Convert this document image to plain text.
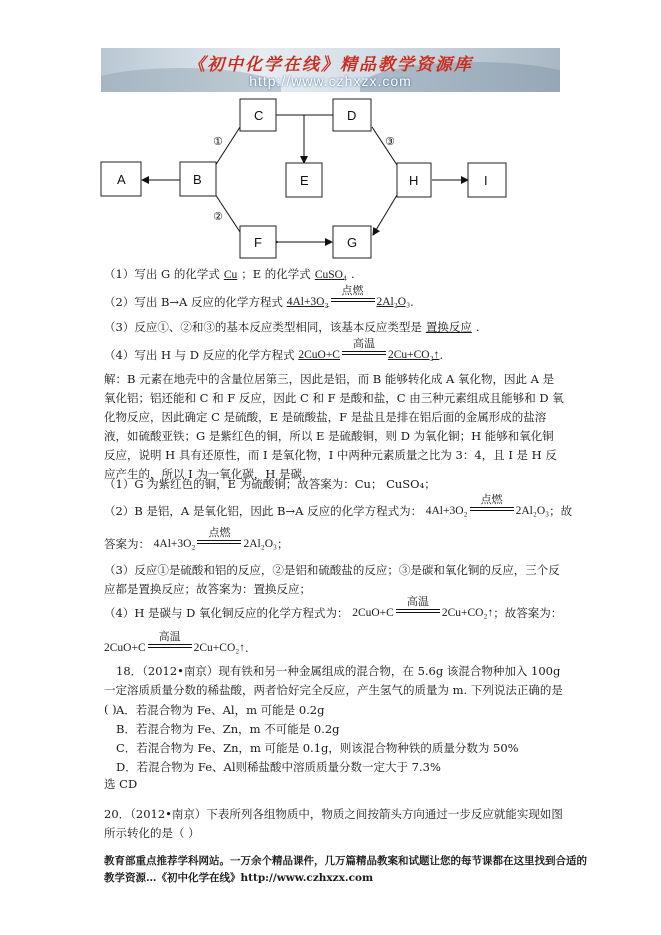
《初中化学在线》精品教学资源库
http://www.czhxzx.com
A	B
C	D
E	H	I
F	G
①
②
③
（1）写出 G 的化学式 Cu ；E 的化学式 CuSO₄ .
（2）写出 B→A 反应的化学方程式 4Al+3O₂
点燃
2Al₂O₃.
（3）反应①、②和③的基本反应类型相同，该基本反应类型是 置换反应 .
（4）写出 H 与 D 反应的化学方程式 2CuO+C
高温
2Cu+CO₂↑.
解：B 元素在地壳中的含量位居第三，因此是铝，而 B 能够转化成 A 氧化物，因此 A 是氧化铝；铝还能和 C 和 F 反应，因此 C 和 F 是酸和盐，C 由三种元素组成且能够和 D 氧化物反应，因此确定 C 是硫酸，E 是硫酸盐，F 是盐且是排在铝后面的金属形成的盐溶液，如硫酸亚铁；G 是紫红色的铜，所以 E 是硫酸铜，则 D 为氧化铜；H 能够和氧化铜反应，说明 H 具有还原性，而 I 是氧化物，I 中两种元素质量之比为 3：4，且 I 是 H 反应产生的，所以 I 为一氧化碳，H 是碳.
（1）G 为紫红色的铜，E 为硫酸铜；故答案为：Cu； CuSO₄；
（2）B 是铝，A 是氧化铝，因此 B→A 反应的化学方程式为： 4Al+3O₂
点燃
2Al₂O₃；故
答案为： 4Al+3O₂
点燃
2Al₂O₃；
（3）反应①是硫酸和铝的反应，②是铝和硫酸盐的反应；③是碳和氧化铜的反应，三个反应都是置换反应；故答案为：置换反应；
（4）H 是碳与 D 氧化铜反应的化学方程式为： 2CuO+C
高温
2Cu+CO₂↑；故答案为：
2CuO+C
高温
2Cu+CO₂↑.
18．（2012•南京）现有铁和另一种金属组成的混合物，在 5.6g 该混合物种加入 100g 一定溶质质量分数的稀盐酸，两者恰好完全反应，产生氢气的质量为 m. 下列说法正确的是( ) A．若混合物为 Fe、Al，m 可能是 0.2g
B．若混合物为 Fe、Zn，m 不可能是 0.2g
C．若混合物为 Fe、Zn，m 可能是 0.1g，则该混合物种铁的质量分数为 50%
D．若混合物为 Fe、Al则稀盐酸中溶质质量分数一定大于 7.3%
选 CD
20．（2012•南京）下表所列各组物质中，物质之间按箭头方向通过一步反应就能实现如图所示转化的是（ ）
教育部重点推荐学科网站。一万余个精品课件，几万篇精品教案和试题让您的每节课都在这里找到合适的
教学资源…《初中化学在线》http://www.czhxzx.com
